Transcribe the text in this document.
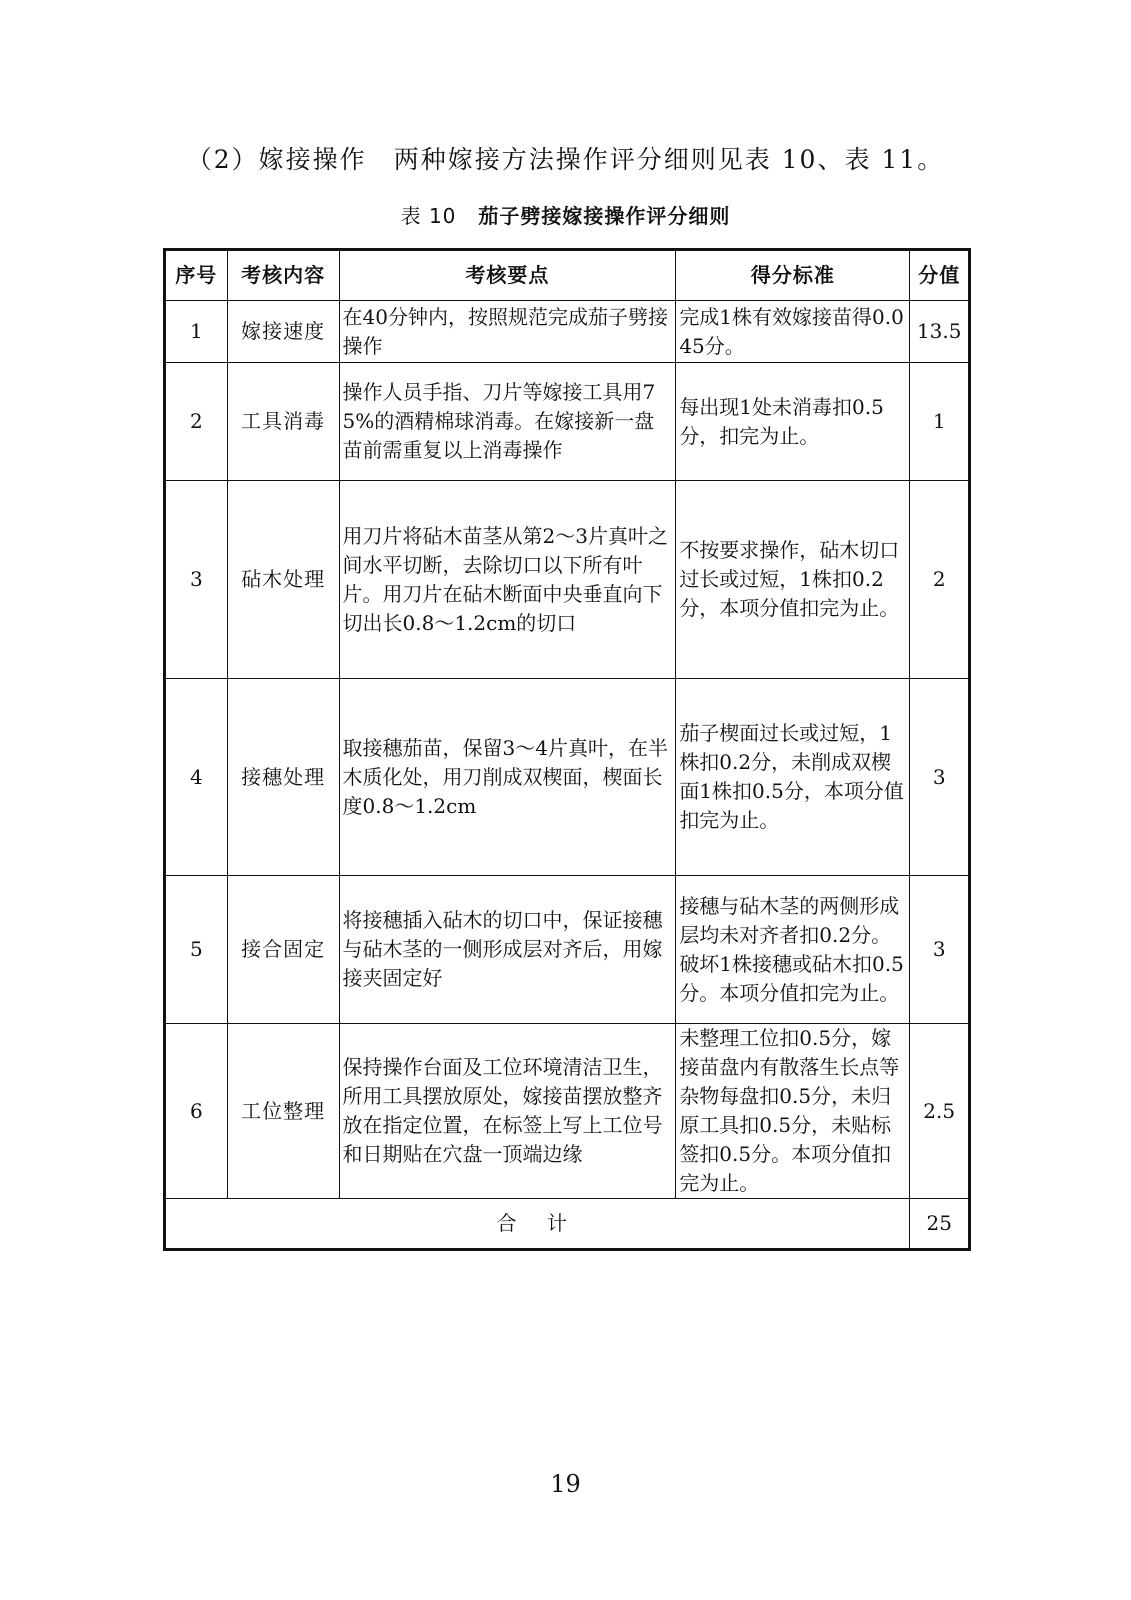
（2）嫁接操作　两种嫁接方法操作评分细则见表 10、表 11。
表 10 茄子劈接嫁接操作评分细则
序号	考核内容	考核要点	得分标准	分值
1	嫁接速度	在40分钟内，按照规范完成茄子劈接操作	完成1株有效嫁接苗得0.045分。	13.5
2	工具消毒	操作人员手指、刀片等嫁接工具用75%的酒精棉球消毒。在嫁接新一盘苗前需重复以上消毒操作	每出现1处未消毒扣0.5分，扣完为止。	1
3	砧木处理	用刀片将砧木苗茎从第2～3片真叶之间水平切断，去除切口以下所有叶片。用刀片在砧木断面中央垂直向下切出长0.8～1.2cm的切口	不按要求操作，砧木切口过长或过短，1株扣0.2分，本项分值扣完为止。	2
4	接穗处理	取接穗茄苗，保留3～4片真叶，在半木质化处，用刀削成双楔面，楔面长度0.8～1.2cm	茄子楔面过长或过短，1株扣0.2分，未削成双楔面1株扣0.5分，本项分值扣完为止。	3
5	接合固定	将接穗插入砧木的切口中，保证接穗与砧木茎的一侧形成层对齐后，用嫁接夹固定好	接穗与砧木茎的两侧形成层均未对齐者扣0.2分。破坏1株接穗或砧木扣0.5分。本项分值扣完为止。	3
6	工位整理	保持操作台面及工位环境清洁卫生，所用工具摆放原处，嫁接苗摆放整齐放在指定位置，在标签上写上工位号和日期贴在穴盘一顶端边缘	未整理工位扣0.5分，嫁接苗盘内有散落生长点等杂物每盘扣0.5分，未归原工具扣0.5分，未贴标签扣0.5分。本项分值扣完为止。	2.5
合 计				25
19
